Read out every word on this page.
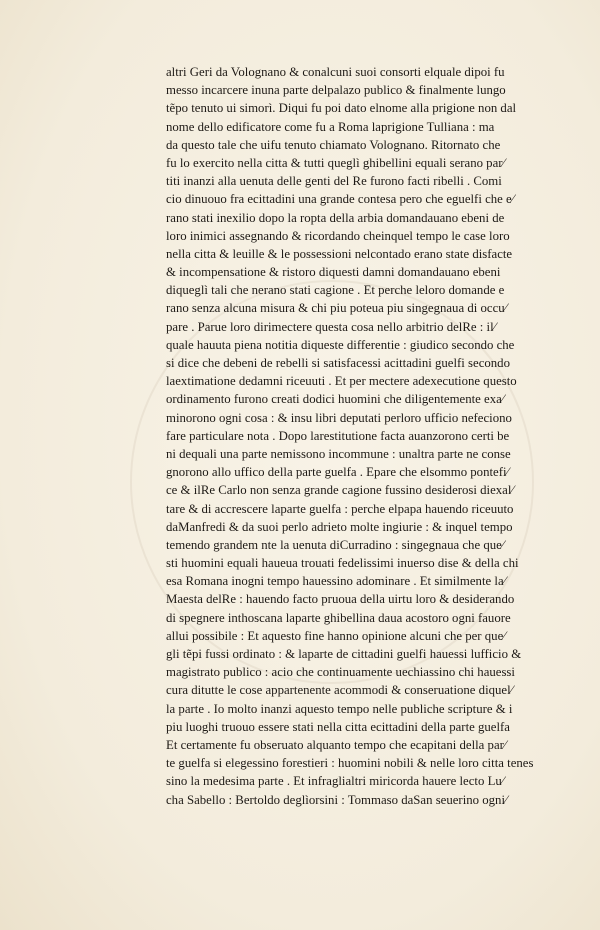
altri Geri da Volognano & conalcuni suoi consorti elquale dipoi fu
messo incarcere inuna parte delpalazo publico & finalmente lungo
tẽpo tenuto ui simorì. Diqui fu poi dato elnome alla prigione non dal
nome dello edificatore come fu a Roma laprigione Tulliana : ma
da questo tale che uifu tenuto chiamato Volognano. Ritornato che
fu lo exercito nella citta & tutti queglì ghibellini equali serano par⁄
titi inanzi alla uenuta delle genti del Re furono facti ribelli . Comi
cio dinuouo fra ecittadini una grande contesa pero che eguelfi che e⁄
rano stati inexilio dopo la ropta della arbia domandauano ebeni de
loro inimici assegnando & ricordando cheinquel tempo le case loro
nella citta & leuille & le possessioni nelcontado erano state disfacte
& incompensatione & ristoro diquesti damni domandauano ebeni
diqueglì tali che nerano stati cagione . Et perche leloro domande e
rano senza alcuna misura & chi piu poteua piu singegnaua di occu⁄
pare . Parue loro dirimectere questa cosa nello arbitrio delRe : il⁄
quale hauuta piena notitia diqueste differentie : giudico secondo che
si dice che debeni de rebelli si satisfacessi acittadini guelfi secondo
laextimatione dedamni riceuuti . Et per mectere adexecutione questo
ordinamento furono creati dodici huomini che diligentemente exa⁄
minorono ogni cosa : & insu libri deputati perloro ufficio nefeciono
fare particulare nota . Dopo larestitutione facta auanzorono certi be
ni dequali una parte nemissono incommune : unaltra parte ne conse
gnorono allo uffico della parte guelfa . Epare che elsommo pontefi⁄
ce & ilRe Carlo non senza grande cagione fussino desiderosi diexal⁄
tare & di accrescere laparte guelfa : perche elpapa hauendo riceuuto
daManfredi & da suoi perlo adrieto molte ingiurie : & inquel tempo
temendo grandem nte la uenuta diCurradino : singegnaua che que⁄
sti huomini equali haueua trouati fedelissimi inuerso dise & della chi
esa Romana inogni tempo hauessino adominare . Et similmente la⁄
Maesta delRe : hauendo facto pruoua della uirtu loro & desiderando
di spegnere inthoscana laparte ghibellina daua acostoro ogni fauore
allui possibile : Et aquesto fine hanno opinione alcuni che per que⁄
gli tẽpi fussi ordinato : & laparte de cittadini guelfi hauessi lufficio &
magistrato publico : acio che continuamente uechiassino chi hauessi
cura ditutte le cose appartenente acommodi & conseruatione diquel⁄
la parte . Io molto inanzi aquesto tempo nelle publiche scripture & i
piu luoghi truouo essere stati nella citta ecittadini della parte guelfa
Et certamente fu obseruato alquanto tempo che ecapitani della par⁄
te guelfa si elegessino forestieri : huomini nobili & nelle loro citta tenes
sino la medesima parte . Et infraglialtri miricorda hauere lecto Lu⁄
cha Sabello : Bertoldo deglìorsini : Tommaso daSan seuerino ogni⁄
